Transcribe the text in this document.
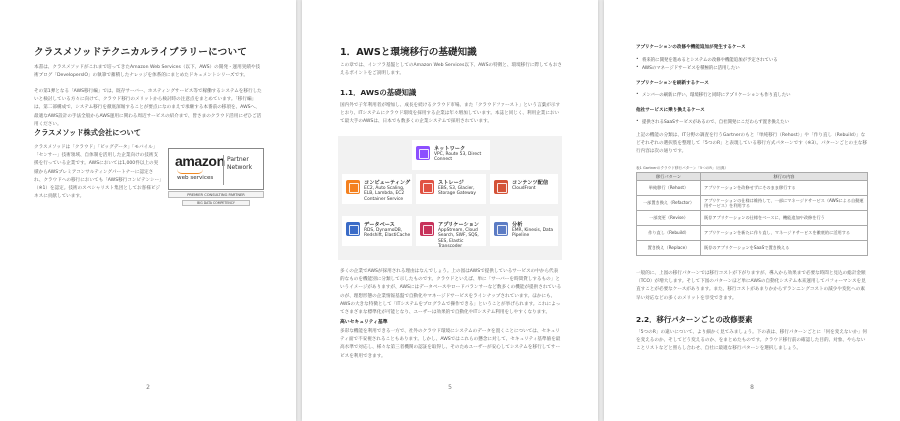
クラスメソッドテクニカルライブラリーについて
本書は、クラスメソッドがこれまで培ってきたAmazon Web Services（以下、AWS）の開発・運用実績や技術ブログ「DevelopersIO」の執筆で蓄積したナレッジを体系的にまとめたドキュメントシリーズです。
その第1弾となる「AWS移行編」では、既存サーバー、ホスティングサービス等で稼働するシステムを移行したいと検討している方々に向けて、クラウド移行のメリットから検討時の注意点をまとめています。「移行編」は、第二部構成で、システム移行を徹底深堀することが要点になのまえで承継する本番前の移項を、AWSへ、最適なAWS設計の手法全般からAWS運用に関わる周辺サービスの紹介まで、皆さまのクラウド活用にぜひご活用ください。
クラスメソッド株式会社について
クラスメソッドは「クラウド」「ビッグデータ」「モバイル」「センサー」技術領域、自体制を活用した企業向けの技術支援を行っている企業です。AWSにおいては1,000件以上の実績からAWSプレミアコンサルティングパートナーに認定され、クラウドへの移行においても「AWS移行コンピテンシー」（※1）を認定。技術のスペシャリスト集団としてお客様ビジネスに貢献しています。
amazon
web services
Partner
Network
PREMIER CONSULTING PARTNER
BIG DATA COMPETENCY
2
1．AWSと環境移行の基礎知識
この章では、インフラ基盤としてのAmazon Web Services以下、AWSの特徴と、環境移行に際してもおさえるポイントをご説明します。
1.1．AWSの基礎知識
国内外で子年利用者が増加し、成長を続けるクラウド市場。また「クラウドファースト」という言葉が示すとおり、ITシステムにクラウド環境を採用する企業は年々増加しています。本誌と同じく、利用企業において最大手のAWSは、日本でも数多くの企業システムで採用されています。
ネットワーク
VPC, Route 53, Direct Connect
コンピューティング
EC2, Auto Scaling, ELB, Lambda, EC2 Container Service
ストレージ
EBS, S3, Glacier, Storage Gateway
コンテンツ配信
CloudFront
データベース
RDS, DynamoDB, Redshift, ElastiCache
アプリケーション
AppStream, Cloud Search, SWF, SQS, SES, Elastic Transcoder
分析
EMR, Kinesis, Data Pipeline
多くの企業でAWSが採用される理由はなんでしょう。上の図はAWSで提供しているサービスの中から代表的なものを機能別に分類して示したものです。クラウドといえば、単に「サーバーを時間貸しするもの」というイメージがありますが、AWSにはデータベースやロードバランサーなど数多くの機能が提供されているのが、理想形態の企業情報基盤で自動化やマネージドサービスをラインナップされています。ほかにも、AWSの大きな特徴として「ITシステムをプログラムで操作できる」ということが挙げられます。これによってさまざまな標準化が可能となり、ユーザーは効果的で自動化やITシステム利用をしやすくなります。
高いセキュリティ基準
多彩な機能を利用できる一方で、社外のクラウド環境にシステムのデータを置くことについては、セキュリティ面で不安視されることもあります。しかし、AWSではこれらの懸念に対して、セキュリティ基準値を最高水準で対応し、様々な第三者機関の認証を取得し、そのためユーザーが安心してシステムを移行してサービスを利用できます。
5
アプリケーションの改修や機能追加が発生するケース
• 将来的に開発を進めるとシステムの改修や機能追加が予定されている
• AWSのマネージドサービスを積極的に活用したい
アプリケーションを刷新するケース
• メンバーの刷新に伴い、環境移行と同時にアプリケーションも作り直したい
他社サービスに乗り換えるケース
• 提供されるSaaSサービスがあるので、自社開発にこだわらず置き換えたい
上記の機能の分類は、IT分野の調査を行うGartnerのもと「単純移行（Rehost）」や「作り直し（Rebuild）」などそれぞれの選択肢を整理して「5つのR」と表現している移行方式パターンです（※3）。パターンごとの主な移行内容は次の通りです。
表1 Gartnerのクラウド移行パターン「5つのR」（出典）
移行パターン	移行の内容
単純移行（Rehost）	アプリケーションを改修せずにそのまま移行する
一部置き換え（Refactor）	アプリケーションの仕様は維持して、一部にマネージドサービス（AWSによる自動運用サービス）を利用する
一部変更（Revise）	既存アプリケーションの仕様をベースに、機能追加や改修を行う
作り直し（Rebuild）	アプリケーションを新たに作り直し、マネージドサービスを徹底的に活用する
置き換え（Replace）	既存のアプリケーションをSaaSで置き換える
一般的に、上図の移行パターンでは移行コストが下がりますが、導入から効果まで必要な時間と見込の総計金額（TCO）が増大します。そして下図のパターンほど単にAWSの自動化システム本来運用してパフォーマンスを見直すことが必要なケースがあります。また、移行コストがあまりかからずランニングコストの減少や変化への素早い対応などの多くのメリットを享受できます。
2.2．移行パターンごとの改修要素
「5つのR」の違いについて、より細かく見てみましょう。下の表は、移行パターンごとに「何を変えないか」何を変えるのか、そしてどう変えるのか、をまとめたものです。クラウド移行前の確認した目的、対象、やらないことリストなどと照らし合わせ、自社に最適な移行パターンを選択しましょう。
8
